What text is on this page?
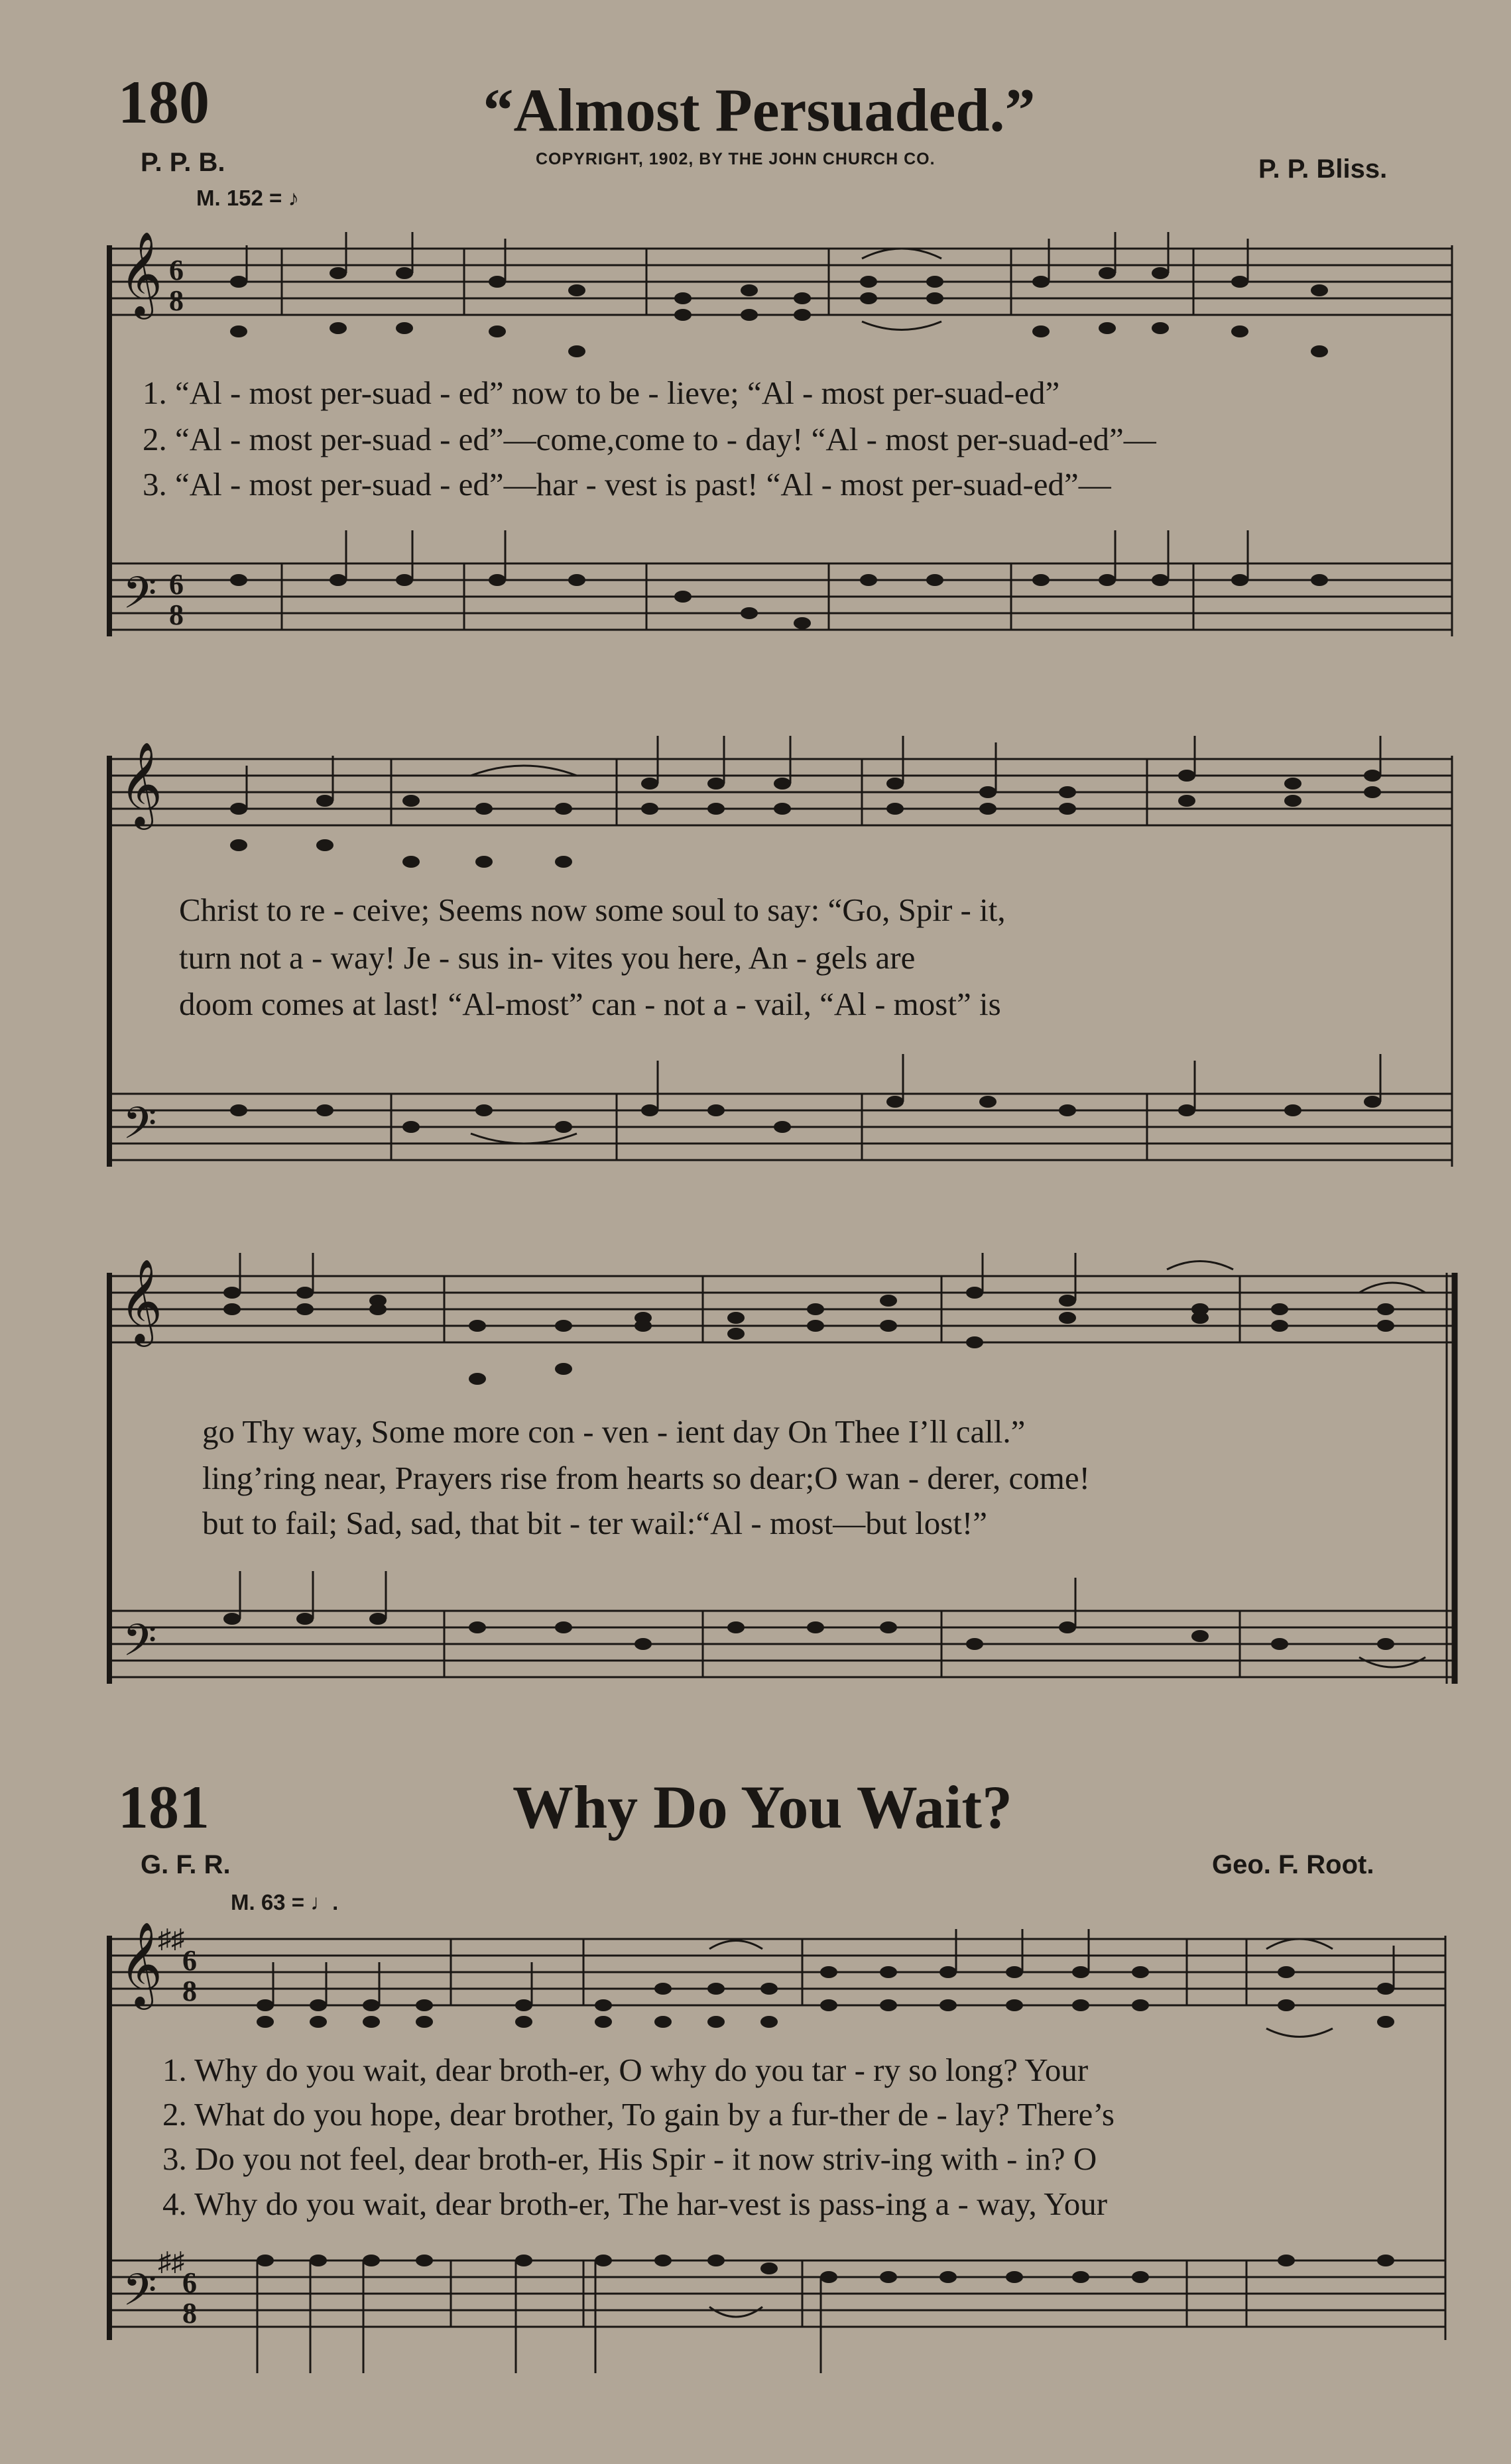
180	“Almost Persuaded.”
P. P. B.	COPYRIGHT, 1902, BY THE JOHN CHURCH CO.	P. P. Bliss.
M. 152 = ♪
𝄞
𝄢
6
8
6
8
1. “Al - most per-suad - ed” now to be - lieve; “Al - most per-suad-ed”
2. “Al - most per-suad - ed”—come,come to - day! “Al - most per-suad-ed”—
3. “Al - most per-suad - ed”—har - vest is past! “Al - most per-suad-ed”—
𝄞
𝄢
Christ to re - ceive; Seems now some soul to say: “Go, Spir - it,
turn not a - way! Je - sus in- vites you here, An - gels are
doom comes at last! “Al-most” can - not a - vail, “Al - most” is
𝄞
𝄢
go Thy way, Some more con - ven - ient day On Thee I’ll call.”
ling’ring near, Prayers rise from hearts so dear;O wan - derer, come!
but to fail; Sad, sad, that bit - ter wail:“Al - most—but lost!”
181	Why Do You Wait?
G. F. R.	Geo. F. Root.
M. 63 = ♩.
𝄞
𝄢
♯♯
♯♯
6
8
6
8
1. Why do you wait, dear broth-er, O why do you tar - ry so long? Your
2. What do you hope, dear brother, To gain by a fur-ther de - lay? There’s
3. Do you not feel, dear broth-er, His Spir - it now striv-ing with - in? O
4. Why do you wait, dear broth-er, The har-vest is pass-ing a - way, Your
